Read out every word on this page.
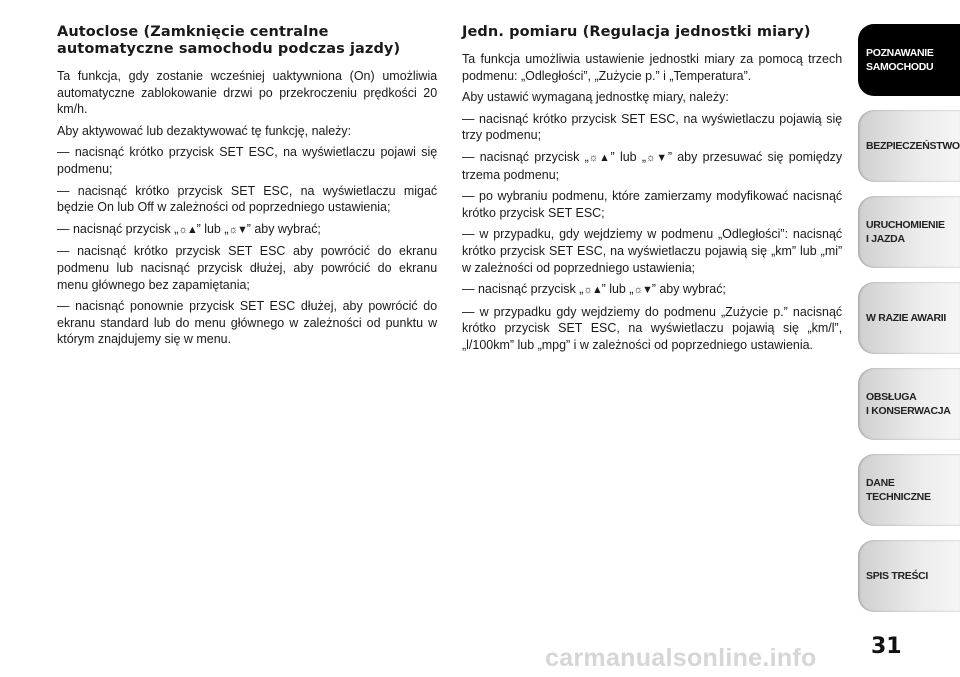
Autoclose (Zamknięcie centralne
automatyczne samochodu podczas jazdy)

Ta funkcja, gdy zostanie wcześniej uaktywniona (On) umożliwia automatyczne zablokowanie drzwi po przekroczeniu prędkości 20 km/h.

Aby aktywować lub dezaktywować tę funkcję, należy:

— nacisnąć krótko przycisk SET ESC, na wyświetlaczu pojawi się podmenu;

— nacisnąć krótko przycisk SET ESC, na wyświetlaczu migać będzie On lub Off w zależności od poprzedniego ustawienia;

— nacisnąć przycisk „☼▲” lub „☼▼” aby wybrać;

— nacisnąć krótko przycisk SET ESC aby powrócić do ekranu podmenu lub nacisnąć przycisk dłużej, aby powrócić do ekranu menu głównego bez zapamiętania;

— nacisnąć ponownie przycisk SET ESC dłużej, aby powrócić do ekranu standard lub do menu głównego w zależności od punktu w którym znajdujemy się w menu.

Jedn. pomiaru (Regulacja jednostki miary)

Ta funkcja umożliwia ustawienie jednostki miary za pomocą trzech podmenu: „Odległości”, „Zużycie p.” i „Temperatura”.

Aby ustawić wymaganą jednostkę miary, należy:

— nacisnąć krótko przycisk SET ESC, na wyświetlaczu pojawią się trzy podmenu;

— nacisnąć przycisk „☼▲” lub „☼▼” aby przesuwać się pomiędzy trzema podmenu;

— po wybraniu podmenu, które zamierzamy modyfikować nacisnąć krótko przycisk SET ESC;

— w przypadku, gdy wejdziemy w podmenu „Odległości”: nacisnąć krótko przycisk SET ESC, na wyświetlaczu pojawią się „km” lub „mi” w zależności od poprzedniego ustawienia;

— nacisnąć przycisk „☼▲” lub „☼▼” aby wybrać;

— w przypadku gdy wejdziemy do podmenu „Zużycie p.” nacisnąć krótko przycisk SET ESC, na wyświetlaczu pojawią się „km/l”, „l/100km” lub „mpg” i w zależności od poprzedniego ustawienia.

POZNAWANIE
SAMOCHODU
BEZPIECZEŃSTWO
URUCHOMIENIE
I JAZDA
W RAZIE AWARII
OBSŁUGA
I KONSERWACJA
DANE
TECHNICZNE
SPIS TREŚCI
31
carmanualsonline.info
